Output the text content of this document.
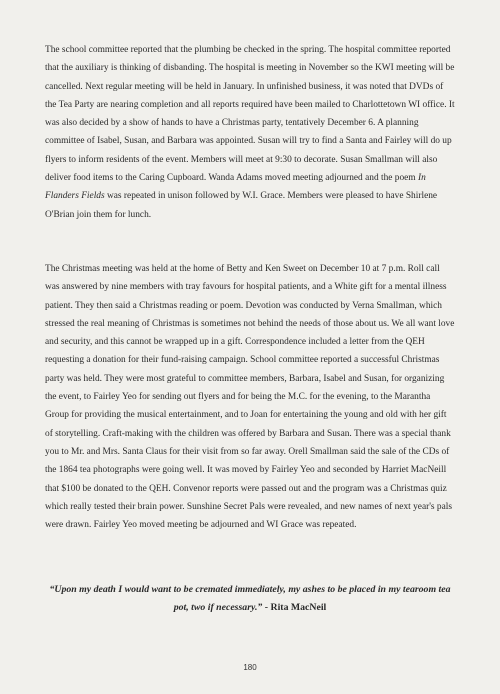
The school committee reported that the plumbing be checked in the spring. The hospital committee reported that the auxiliary is thinking of disbanding. The hospital is meeting in November so the KWI meeting will be cancelled. Next regular meeting will be held in January. In unfinished business, it was noted that DVDs of the Tea Party are nearing completion and all reports required have been mailed to Charlottetown WI office. It was also decided by a show of hands to have a Christmas party, tentatively December 6. A planning committee of Isabel, Susan, and Barbara was appointed. Susan will try to find a Santa and Fairley will do up flyers to inform residents of the event. Members will meet at 9:30 to decorate. Susan Smallman will also deliver food items to the Caring Cupboard. Wanda Adams moved meeting adjourned and the poem In Flanders Fields was repeated in unison followed by W.I. Grace. Members were pleased to have Shirlene O'Brian join them for lunch.

The Christmas meeting was held at the home of Betty and Ken Sweet on December 10 at 7 p.m. Roll call was answered by nine members with tray favours for hospital patients, and a White gift for a mental illness patient. They then said a Christmas reading or poem. Devotion was conducted by Verna Smallman, which stressed the real meaning of Christmas is sometimes not behind the needs of those about us. We all want love and security, and this cannot be wrapped up in a gift. Correspondence included a letter from the QEH requesting a donation for their fund-raising campaign. School committee reported a successful Christmas party was held. They were most grateful to committee members, Barbara, Isabel and Susan, for organizing the event, to Fairley Yeo for sending out flyers and for being the M.C. for the evening, to the Marantha Group for providing the musical entertainment, and to Joan for entertaining the young and old with her gift of storytelling. Craft-making with the children was offered by Barbara and Susan. There was a special thank you to Mr. and Mrs. Santa Claus for their visit from so far away. Orell Smallman said the sale of the CDs of the 1864 tea photographs were going well. It was moved by Fairley Yeo and seconded by Harriet MacNeill that $100 be donated to the QEH. Convenor reports were passed out and the program was a Christmas quiz which really tested their brain power. Sunshine Secret Pals were revealed, and new names of next year's pals were drawn. Fairley Yeo moved meeting be adjourned and WI Grace was repeated.

“Upon my death I would want to be cremated immediately, my ashes to be placed in my tearoom tea pot, two if necessary.” - Rita MacNeil

180
